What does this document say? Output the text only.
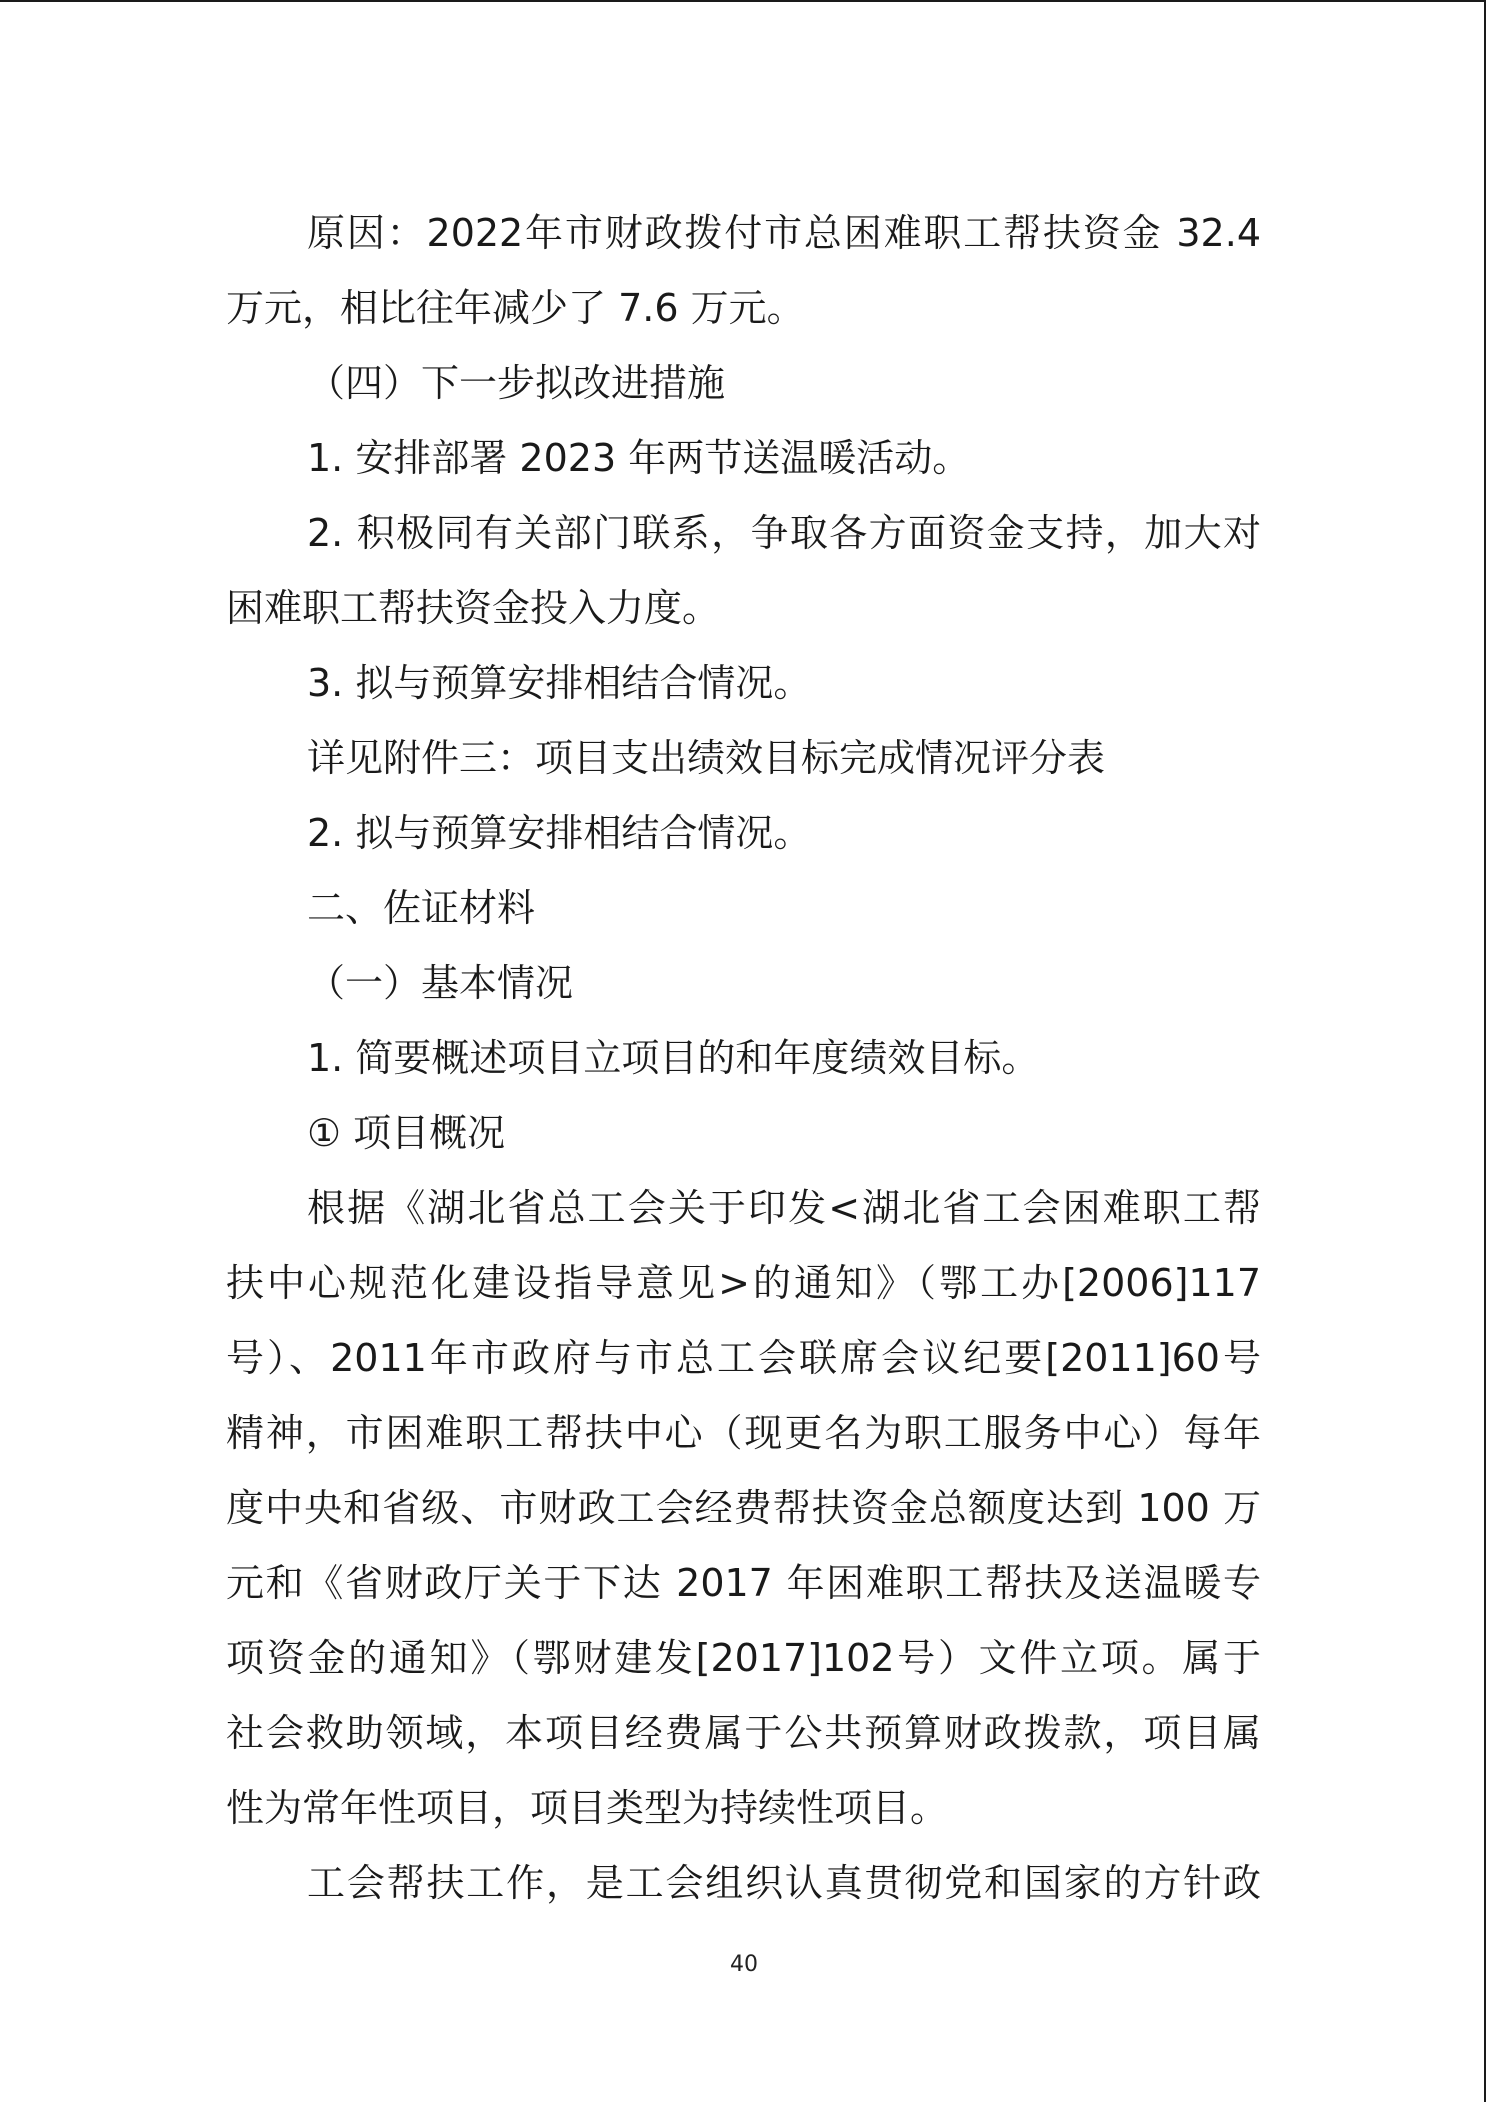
原因：2022年市财政拨付市总困难职工帮扶资金 32.4
万元，相比往年减少了 7.6 万元。
（四）下一步拟改进措施
1. 安排部署 2023 年两节送温暖活动。
2. 积极同有关部门联系，争取各方面资金支持，加大对
困难职工帮扶资金投入力度。
3. 拟与预算安排相结合情况。
详见附件三：项目支出绩效目标完成情况评分表
2. 拟与预算安排相结合情况。
二、佐证材料
（一）基本情况
1. 简要概述项目立项目的和年度绩效目标。
① 项目概况
根据《湖北省总工会关于印发<湖北省工会困难职工帮
扶中心规范化建设指导意见>的通知》（鄂工办[2006]117
号）、2011年市政府与市总工会联席会议纪要[2011]60号
精神，市困难职工帮扶中心（现更名为职工服务中心）每年
度中央和省级、市财政工会经费帮扶资金总额度达到 100 万
元和《省财政厅关于下达 2017 年困难职工帮扶及送温暖专
项资金的通知》（鄂财建发[2017]102号）文件立项。属于
社会救助领域，本项目经费属于公共预算财政拨款，项目属
性为常年性项目，项目类型为持续性项目。
工会帮扶工作，是工会组织认真贯彻党和国家的方针政
40
